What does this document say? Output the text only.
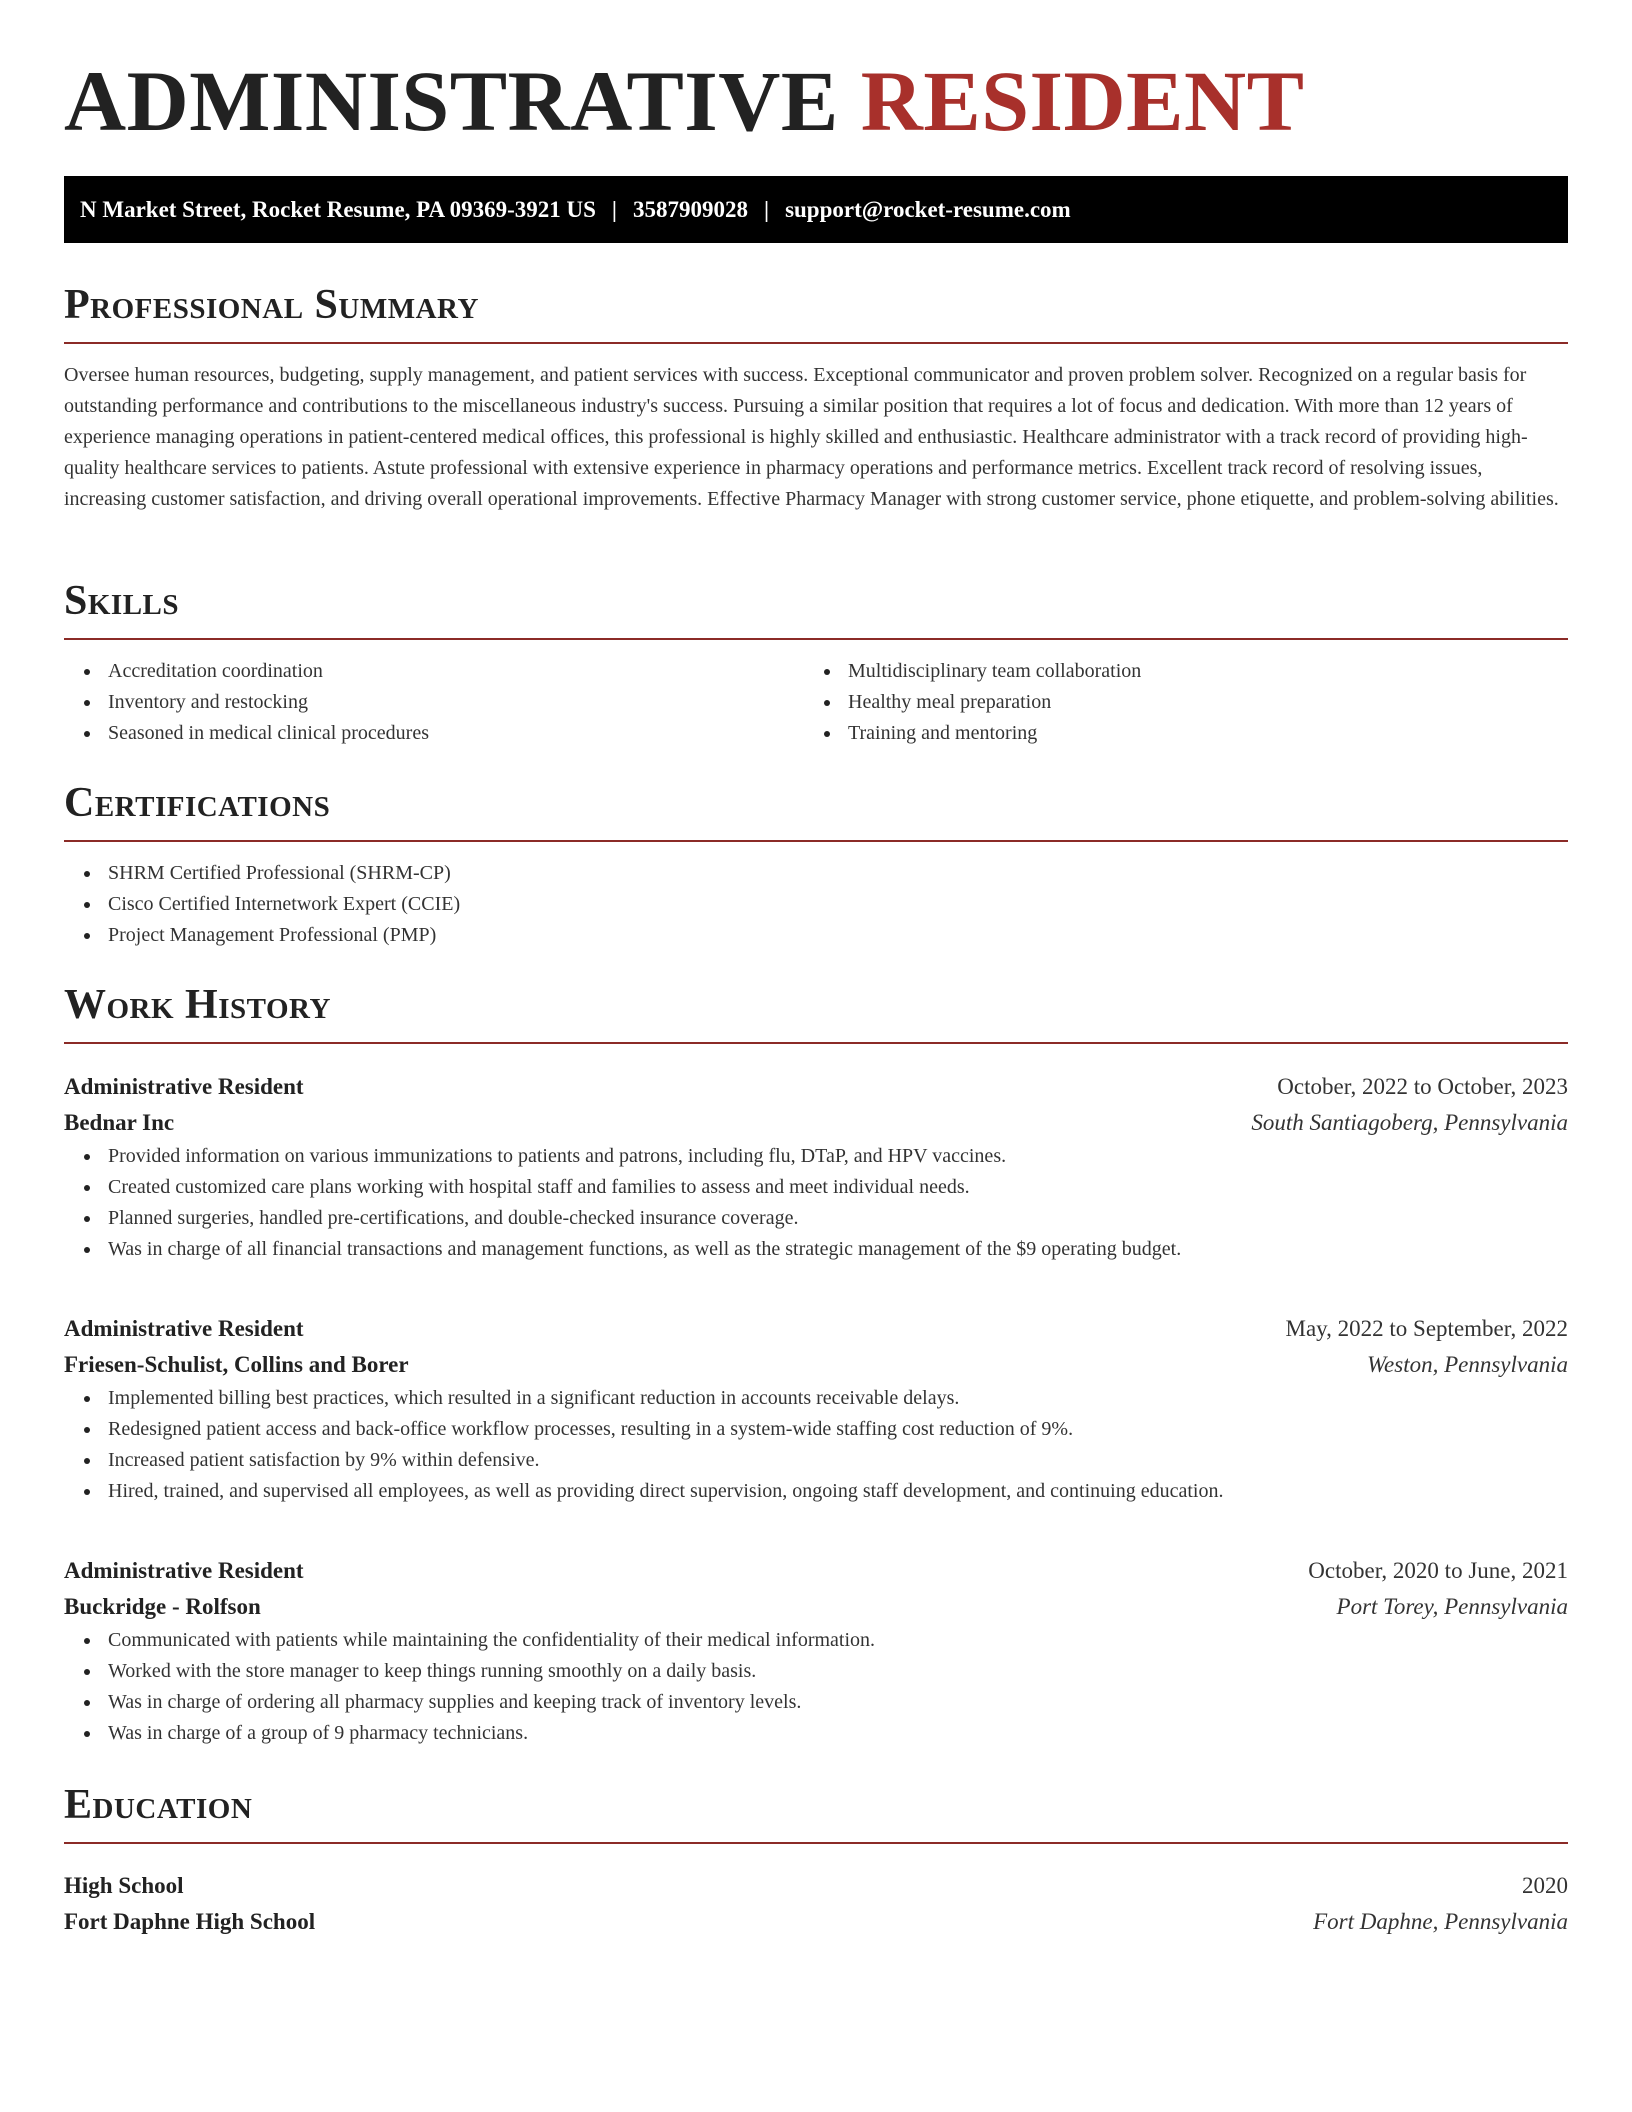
ADMINISTRATIVE RESIDENT
N Market Street, Rocket Resume, PA 09369-3921 US | 3587909028 | support@rocket-resume.com
Professional Summary

Oversee human resources, budgeting, supply management, and patient services with success. Exceptional communicator and proven problem solver. Recognized on a regular basis for outstanding performance and contributions to the miscellaneous industry's success. Pursuing a similar position that requires a lot of focus and dedication. With more than 12 years of experience managing operations in patient-centered medical offices, this professional is highly skilled and enthusiastic. Healthcare administrator with a track record of providing high-quality healthcare services to patients. Astute professional with extensive experience in pharmacy operations and performance metrics. Excellent track record of resolving issues, increasing customer satisfaction, and driving overall operational improvements. Effective Pharmacy Manager with strong customer service, phone etiquette, and problem-solving abilities.

Skills
Accreditation coordination
Inventory and restocking
Seasoned in medical clinical procedures
Multidisciplinary team collaboration
Healthy meal preparation
Training and mentoring
Certifications
SHRM Certified Professional (SHRM-CP)
Cisco Certified Internetwork Expert (CCIE)
Project Management Professional (PMP)
Work History
Administrative Resident	October, 2022 to October, 2023
Bednar Inc	South Santiagoberg, Pennsylvania
Provided information on various immunizations to patients and patrons, including flu, DTaP, and HPV vaccines.
Created customized care plans working with hospital staff and families to assess and meet individual needs.
Planned surgeries, handled pre-certifications, and double-checked insurance coverage.
Was in charge of all financial transactions and management functions, as well as the strategic management of the $9 operating budget.
Administrative Resident	May, 2022 to September, 2022
Friesen-Schulist, Collins and Borer	Weston, Pennsylvania
Implemented billing best practices, which resulted in a significant reduction in accounts receivable delays.
Redesigned patient access and back-office workflow processes, resulting in a system-wide staffing cost reduction of 9%.
Increased patient satisfaction by 9% within defensive.
Hired, trained, and supervised all employees, as well as providing direct supervision, ongoing staff development, and continuing education.
Administrative Resident	October, 2020 to June, 2021
Buckridge - Rolfson	Port Torey, Pennsylvania
Communicated with patients while maintaining the confidentiality of their medical information.
Worked with the store manager to keep things running smoothly on a daily basis.
Was in charge of ordering all pharmacy supplies and keeping track of inventory levels.
Was in charge of a group of 9 pharmacy technicians.
Education
High School	2020
Fort Daphne High School	Fort Daphne, Pennsylvania
